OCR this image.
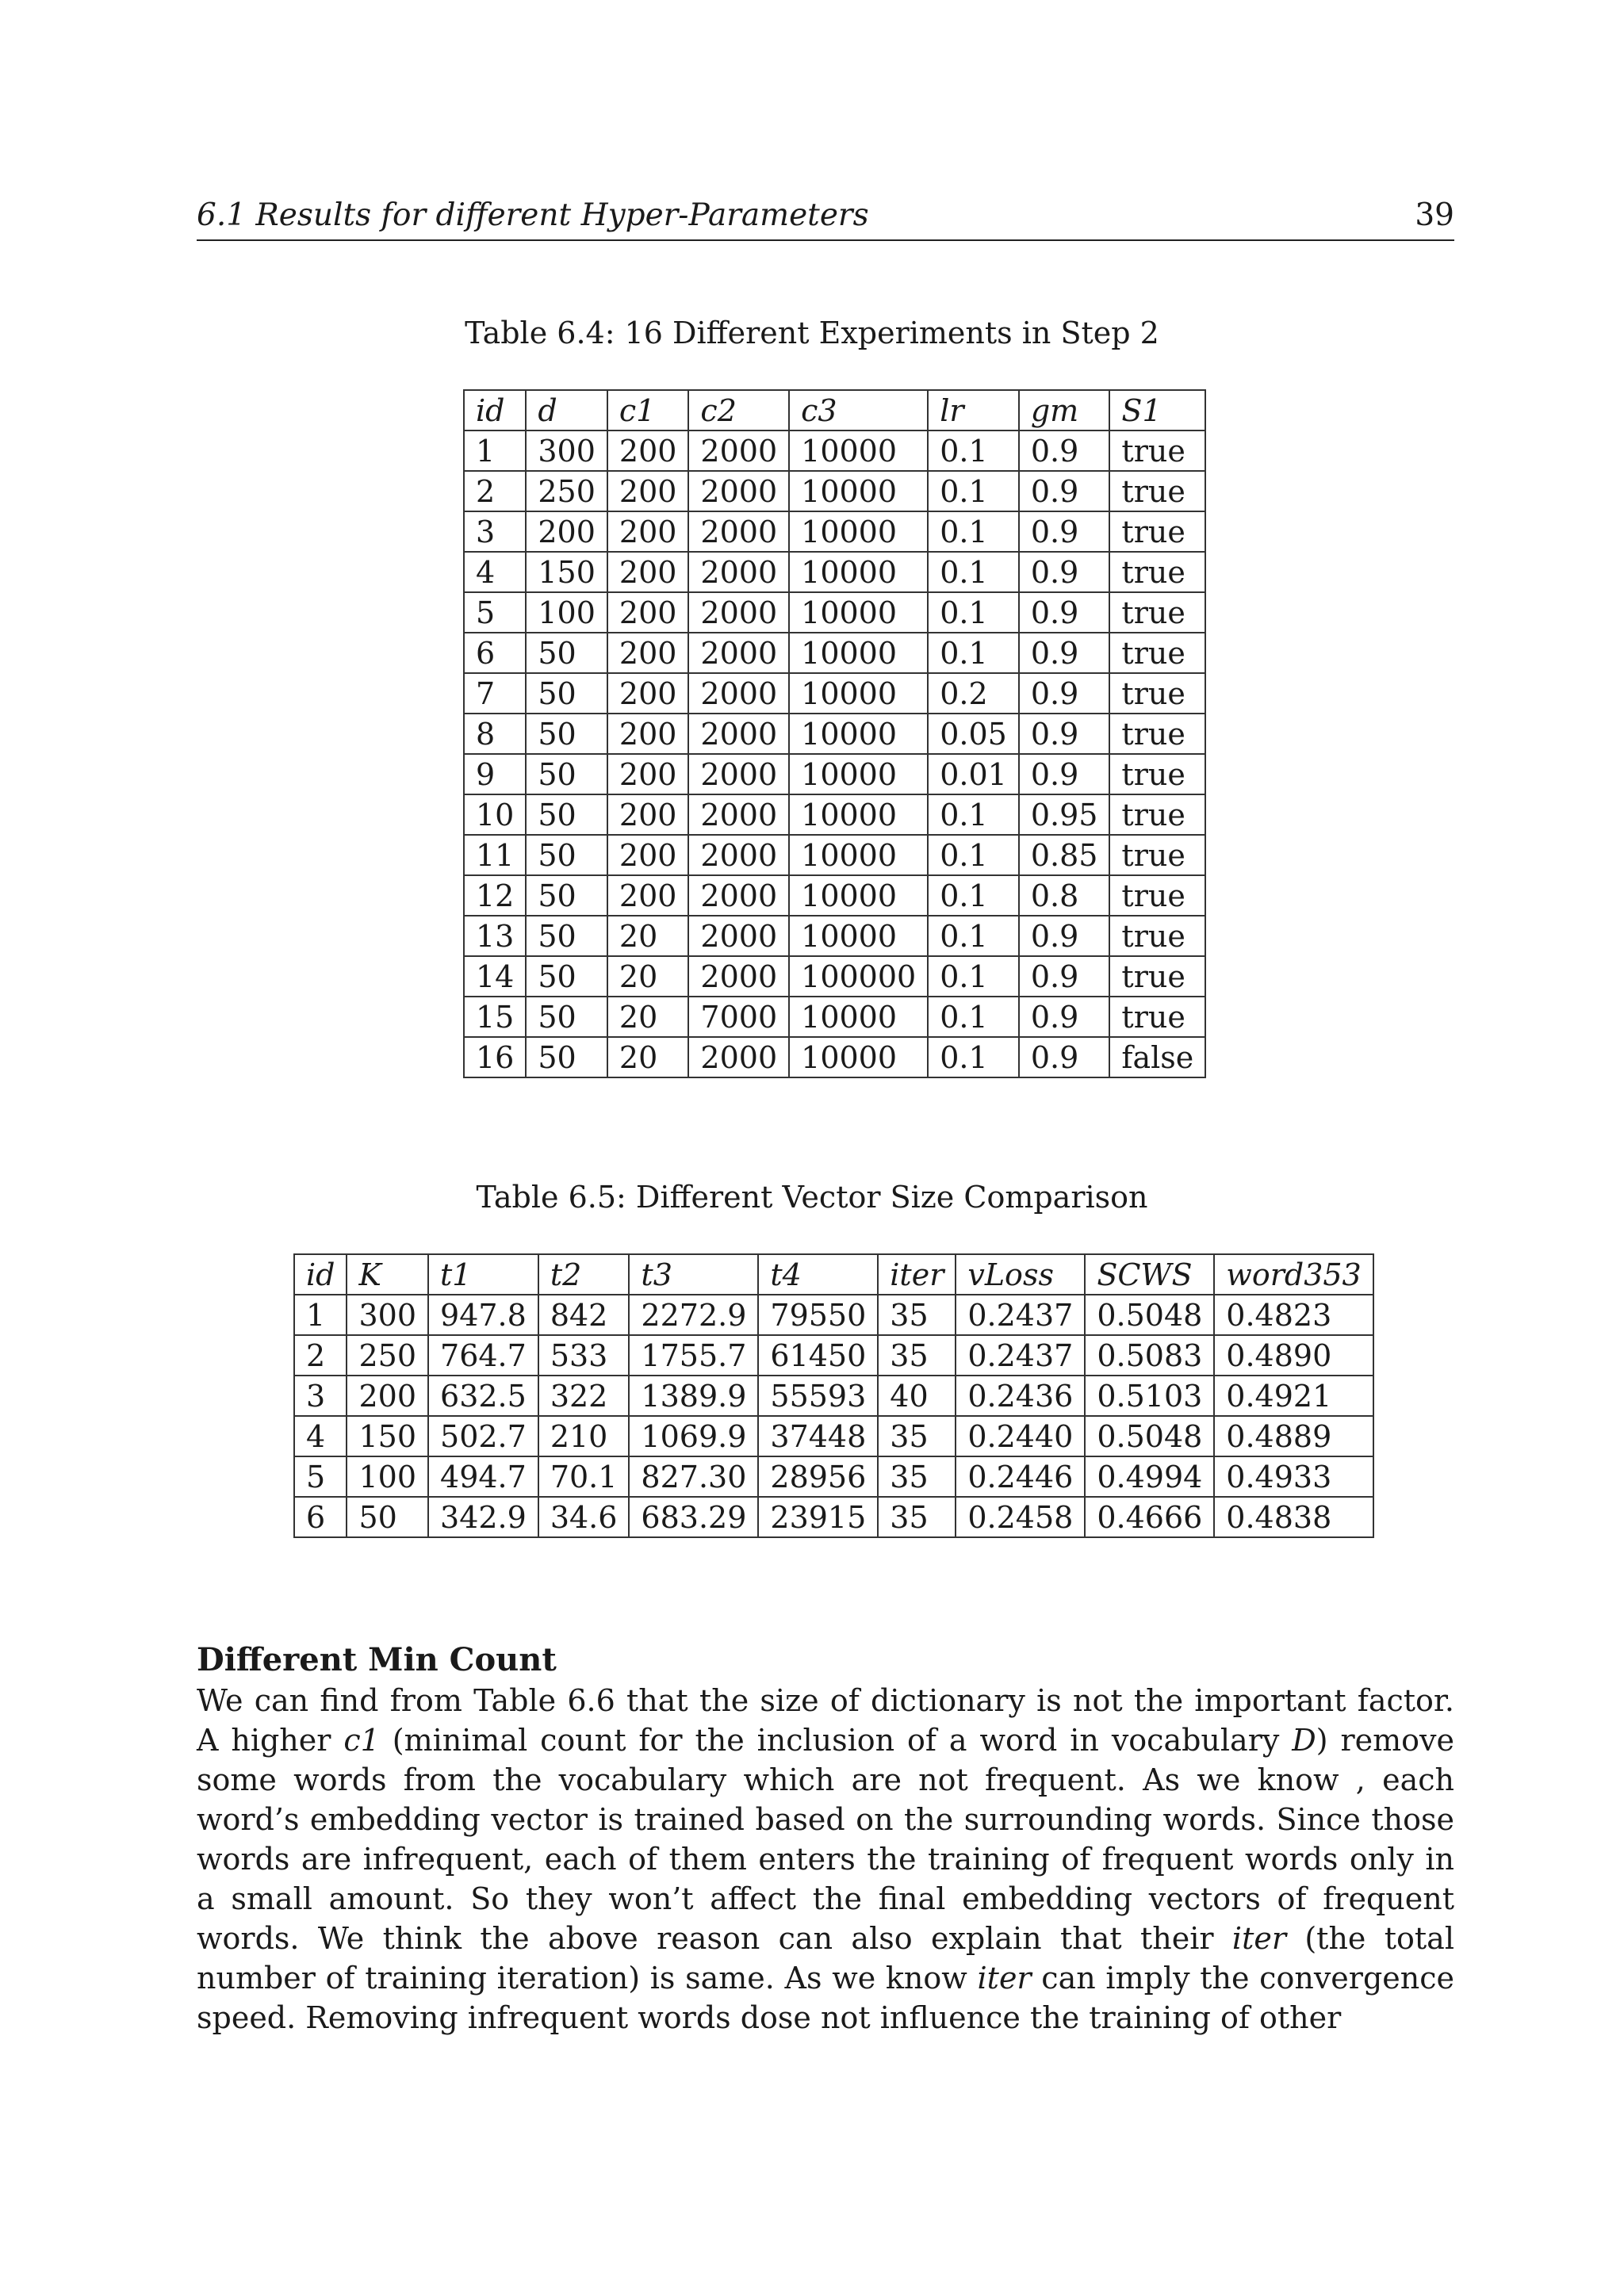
6.1 Results for different Hyper-Parameters	39
Table 6.4: 16 Different Experiments in Step 2
id	d	c1	c2	c3	lr	gm	S1
1	300	200	2000	10000	0.1	0.9	true
2	250	200	2000	10000	0.1	0.9	true
3	200	200	2000	10000	0.1	0.9	true
4	150	200	2000	10000	0.1	0.9	true
5	100	200	2000	10000	0.1	0.9	true
6	50	200	2000	10000	0.1	0.9	true
7	50	200	2000	10000	0.2	0.9	true
8	50	200	2000	10000	0.05	0.9	true
9	50	200	2000	10000	0.01	0.9	true
10	50	200	2000	10000	0.1	0.95	true
11	50	200	2000	10000	0.1	0.85	true
12	50	200	2000	10000	0.1	0.8	true
13	50	20	2000	10000	0.1	0.9	true
14	50	20	2000	100000	0.1	0.9	true
15	50	20	7000	10000	0.1	0.9	true
16	50	20	2000	10000	0.1	0.9	false
Table 6.5: Different Vector Size Comparison
id	K	t1	t2	t3	t4	iter	vLoss	SCWS	word353
1	300	947.8	842	2272.9	79550	35	0.2437	0.5048	0.4823
2	250	764.7	533	1755.7	61450	35	0.2437	0.5083	0.4890
3	200	632.5	322	1389.9	55593	40	0.2436	0.5103	0.4921
4	150	502.7	210	1069.9	37448	35	0.2440	0.5048	0.4889
5	100	494.7	70.1	827.30	28956	35	0.2446	0.4994	0.4933
6	50	342.9	34.6	683.29	23915	35	0.2458	0.4666	0.4838
Different Min Count

We can find from Table 6.6 that the size of dictionary is not the important factor. A higher c1 (minimal count for the inclusion of a word in vocabulary D) remove some words from the vocabulary which are not frequent. As we know , each word’s embedding vector is trained based on the surrounding words. Since those words are infrequent, each of them enters the training of frequent words only in a small amount. So they won’t affect the final embedding vectors of frequent words. We think the above reason can also explain that their iter (the total number of training iteration) is same. As we know iter can imply the convergence speed. Removing infrequent words dose not influence the training of other
